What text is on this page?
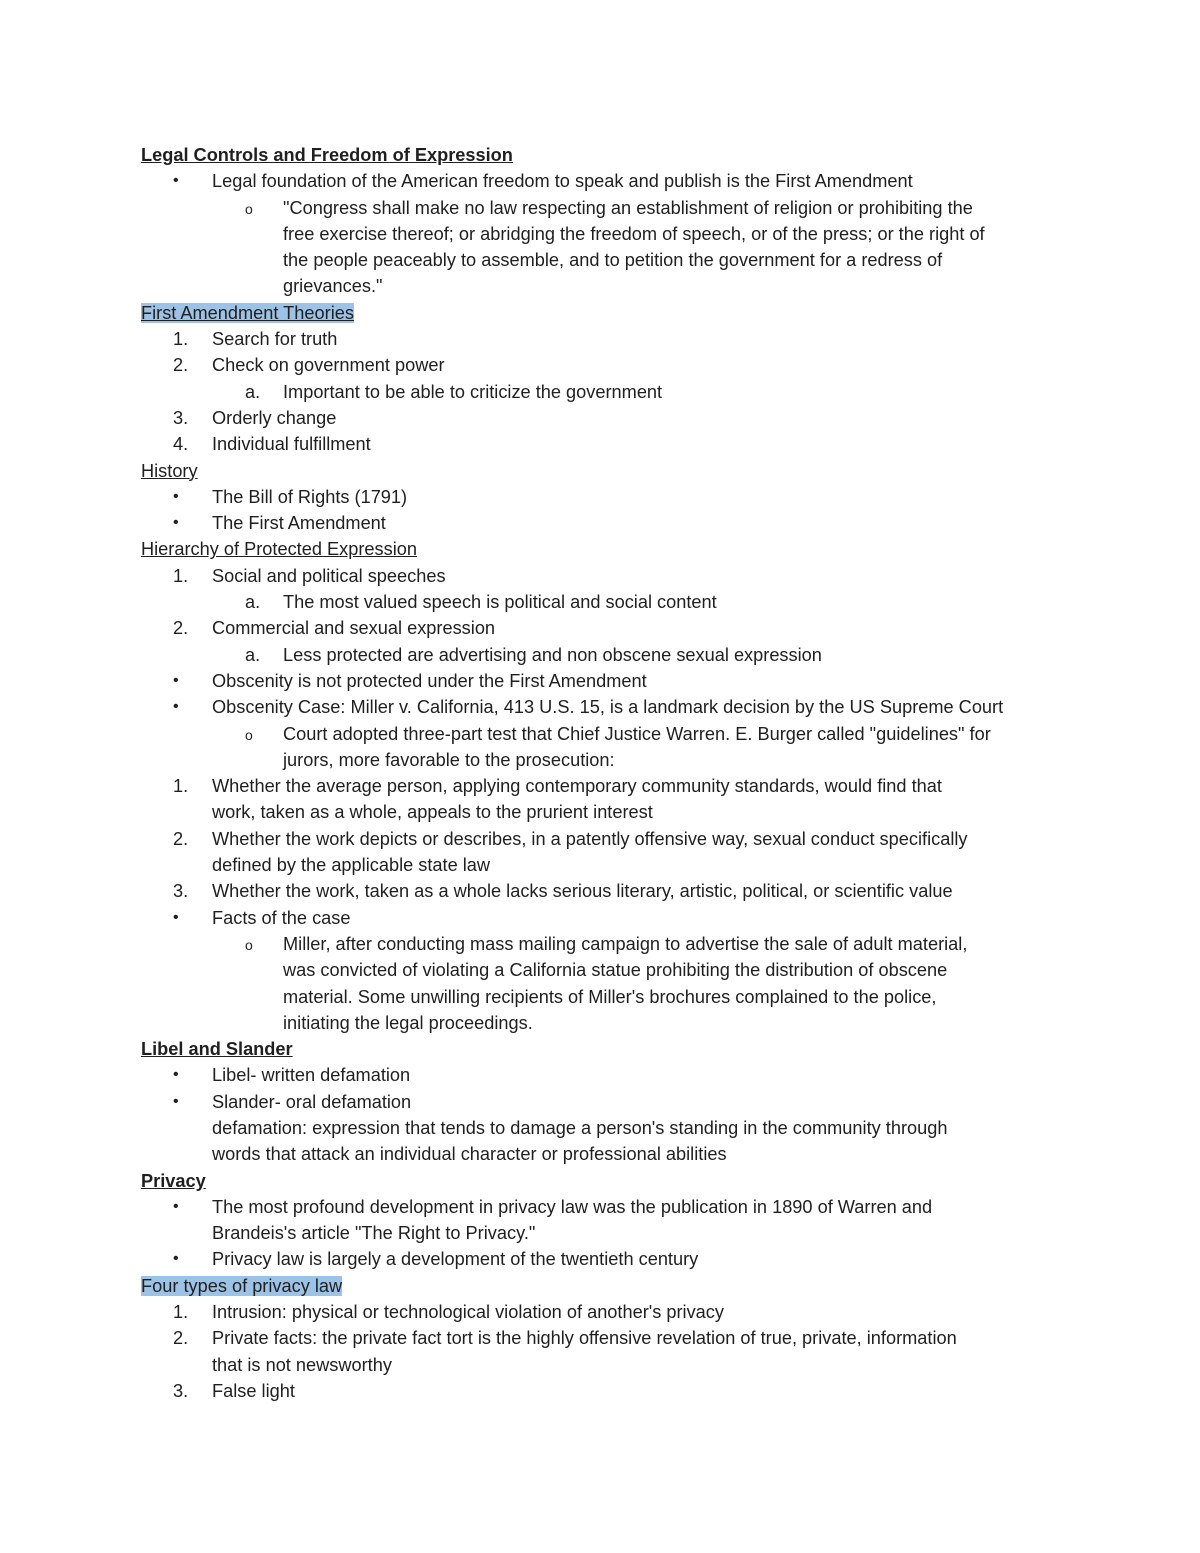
Legal Controls and Freedom of Expression
• Legal foundation of the American freedom to speak and publish is the First Amendment
o "Congress shall make no law respecting an establishment of religion or prohibiting the
free exercise thereof; or abridging the freedom of speech, or of the press; or the right of
the people peaceably to assemble, and to petition the government for a redress of
grievances."
First Amendment Theories
1.	Search for truth
2.	Check on government power
a.	Important to be able to criticize the government
3.	Orderly change
4.	Individual fulfillment
History
• The Bill of Rights (1791)
• The First Amendment
Hierarchy of Protected Expression
1.	Social and political speeches
a.	The most valued speech is political and social content
2.	Commercial and sexual expression
a.	Less protected are advertising and non obscene sexual expression
• Obscenity is not protected under the First Amendment
• Obscenity Case: Miller v. California, 413 U.S. 15, is a landmark decision by the US Supreme Court
o Court adopted three-part test that Chief Justice Warren. E. Burger called "guidelines" for
jurors, more favorable to the prosecution:
1.	Whether the average person, applying contemporary community standards, would find that
work, taken as a whole, appeals to the prurient interest
2.	Whether the work depicts or describes, in a patently offensive way, sexual conduct specifically
defined by the applicable state law
3.	Whether the work, taken as a whole lacks serious literary, artistic, political, or scientific value
• Facts of the case
o Miller, after conducting mass mailing campaign to advertise the sale of adult material,
was convicted of violating a California statue prohibiting the distribution of obscene
material. Some unwilling recipients of Miller's brochures complained to the police,
initiating the legal proceedings.
Libel and Slander
• Libel- written defamation
• Slander- oral defamation
defamation: expression that tends to damage a person's standing in the community through
words that attack an individual character or professional abilities
Privacy
• The most profound development in privacy law was the publication in 1890 of Warren and
Brandeis's article "The Right to Privacy."
• Privacy law is largely a development of the twentieth century
Four types of privacy law
1.	Intrusion: physical or technological violation of another's privacy
2.	Private facts: the private fact tort is the highly offensive revelation of true, private, information
that is not newsworthy
3.	False light
